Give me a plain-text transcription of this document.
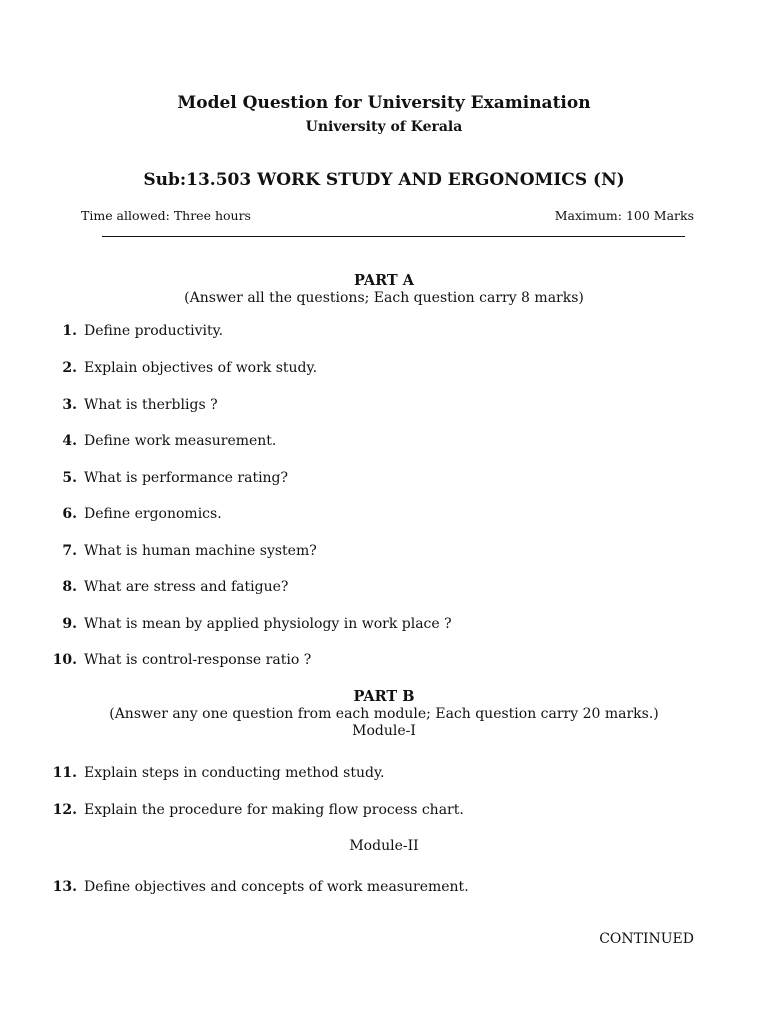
Model Question for University Examination
University of Kerala
Sub:13.503 WORK STUDY AND ERGONOMICS (N)
Time allowed: Three hours	Maximum: 100 Marks
PART A
(Answer all the questions; Each question carry 8 marks)
1. Define productivity.
2. Explain objectives of work study.
3. What is therbligs ?
4. Define work measurement.
5. What is performance rating?
6. Define ergonomics.
7. What is human machine system?
8. What are stress and fatigue?
9. What is mean by applied physiology in work place ?
10. What is control-response ratio ?
PART B
(Answer any one question from each module; Each question carry 20 marks.)
Module-I
11. Explain steps in conducting method study.
12. Explain the procedure for making flow process chart.
Module-II
13. Define objectives and concepts of work measurement.
CONTINUED
